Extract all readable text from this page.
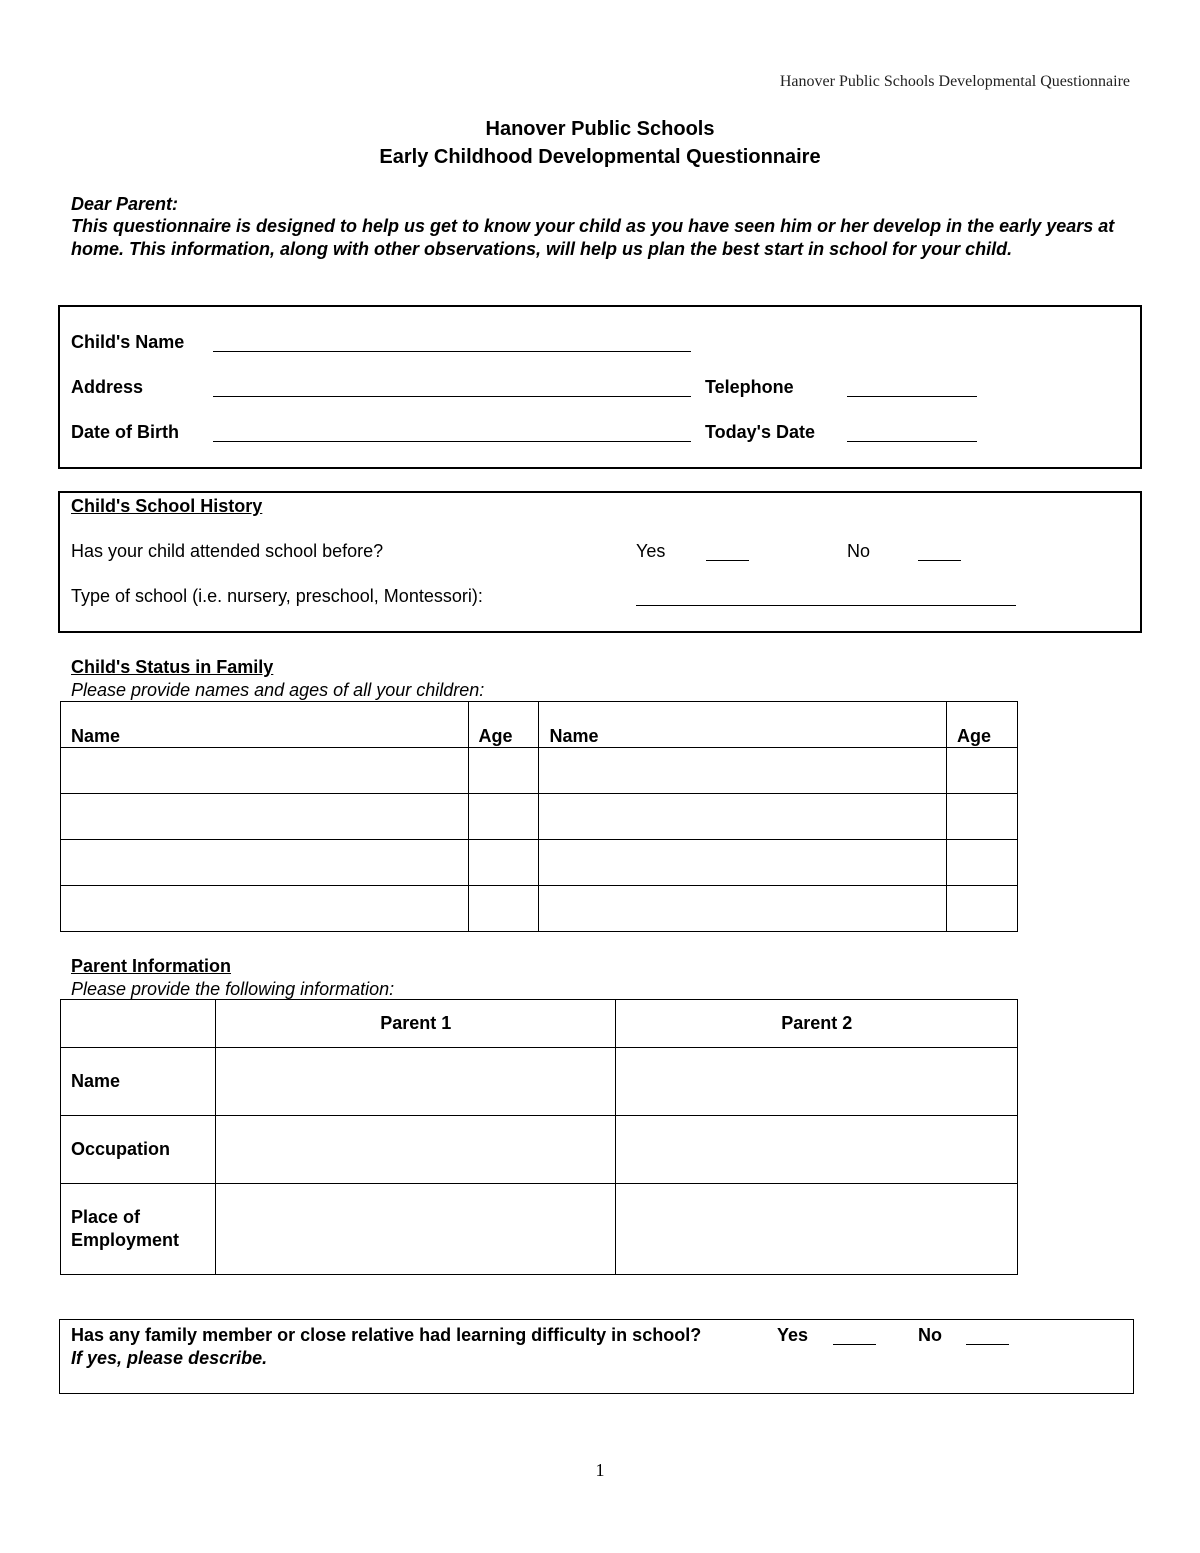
Hanover Public Schools Developmental Questionnaire
Hanover Public Schools
Early Childhood Developmental Questionnaire
Dear Parent:
This questionnaire is designed to help us get to know your child as you have seen him or her develop in the early years at home. This information, along with other observations, will help us plan the best start in school for your child.
Child's Name
Address	Telephone
Date of Birth	Today's Date
Child's School History
Has your child attended school before?	Yes	No
Type of school (i.e. nursery, preschool, Montessori):
Child's Status in Family
Please provide names and ages of all your children:
Name	Age	Name	Age

Parent Information
Please provide the following information:
	Parent 1	Parent 2
Name		
Occupation		
Place of Employment		
Has any family member or close relative had learning difficulty in school?	Yes	No
If yes, please describe.
1
